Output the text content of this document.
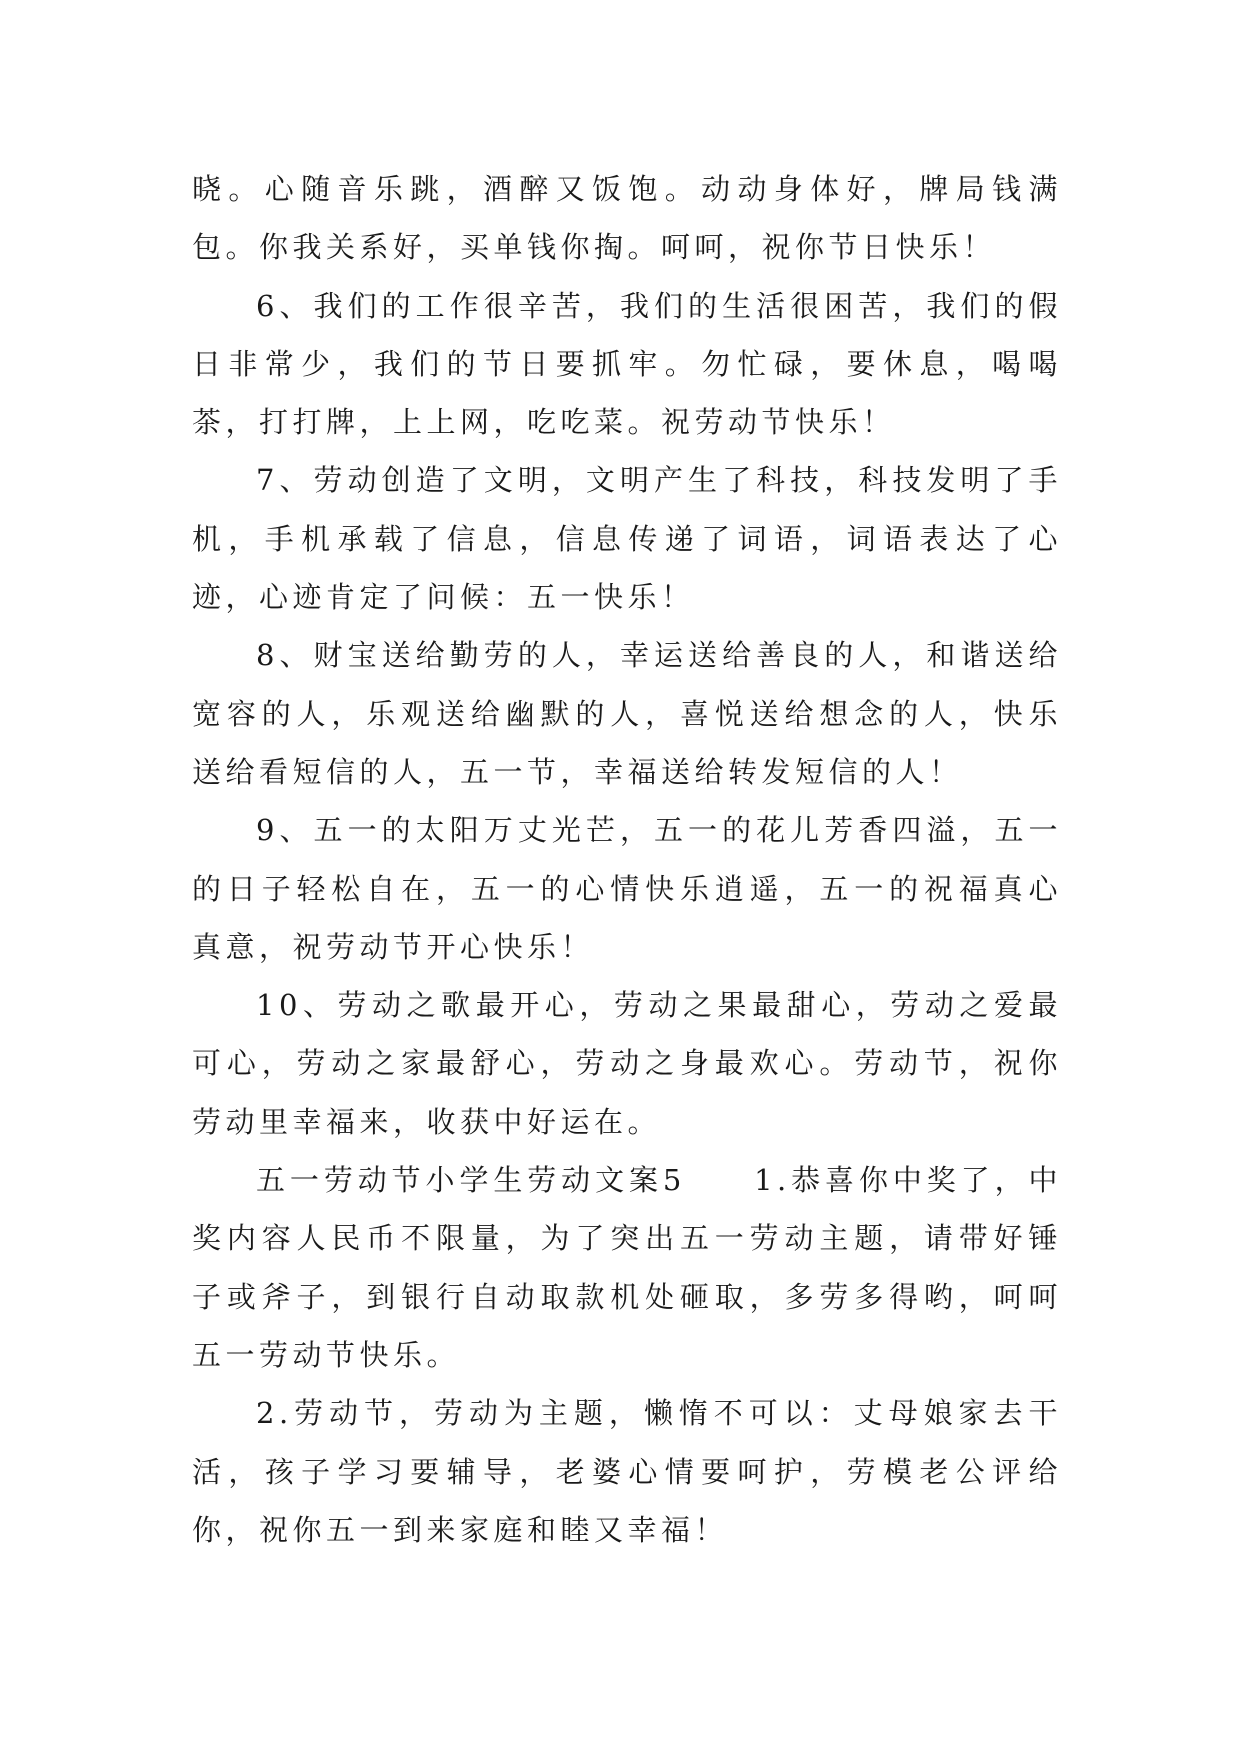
晓。心随音乐跳，酒醉又饭饱。动动身体好，牌局钱满包。你我关系好，买单钱你掏。呵呵，祝你节日快乐！

6、我们的工作很辛苦，我们的生活很困苦，我们的假日非常少，我们的节日要抓牢。勿忙碌，要休息，喝喝茶，打打牌，上上网，吃吃菜。祝劳动节快乐！

7、劳动创造了文明，文明产生了科技，科技发明了手机，手机承载了信息，信息传递了词语，词语表达了心迹，心迹肯定了问候：五一快乐！

8、财宝送给勤劳的人，幸运送给善良的人，和谐送给宽容的人，乐观送给幽默的人，喜悦送给想念的人，快乐送给看短信的人，五一节，幸福送给转发短信的人！

9、五一的太阳万丈光芒，五一的花儿芳香四溢，五一的日子轻松自在，五一的心情快乐逍遥，五一的祝福真心真意，祝劳动节开心快乐！

10、劳动之歌最开心，劳动之果最甜心，劳动之爱最可心，劳动之家最舒心，劳动之身最欢心。劳动节，祝你劳动里幸福来，收获中好运在。

五一劳动节小学生劳动文案5　　1.恭喜你中奖了，中奖内容人民币不限量，为了突出五一劳动主题，请带好锤子或斧子，到银行自动取款机处砸取，多劳多得哟，呵呵五一劳动节快乐。

2.劳动节，劳动为主题，懒惰不可以：丈母娘家去干活，孩子学习要辅导，老婆心情要呵护，劳模老公评给你，祝你五一到来家庭和睦又幸福！
